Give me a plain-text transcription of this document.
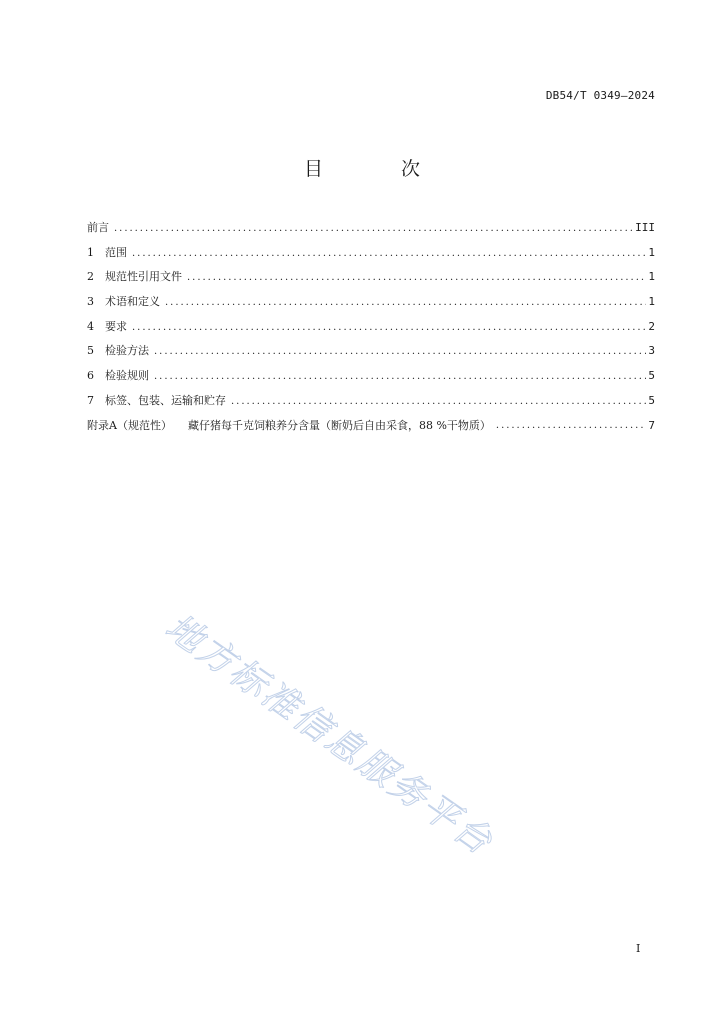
DB54/T 0349—2024
目 次
前言 . . .	III
1	范围 . . .	1
2	规范性引用文件 . . .	1
3	术语和定义 . . .	1
4	要求 . . .	2
5	检验方法 . . .	3
6	检验规则 . . .	5
7	标签、包装、运输和贮存 . . .	5
附录A（规范性）	藏仔猪每千克饲粮养分含量（断奶后自由采食，88 %干物质） . . .	7
地方标准信息服务平台
I
